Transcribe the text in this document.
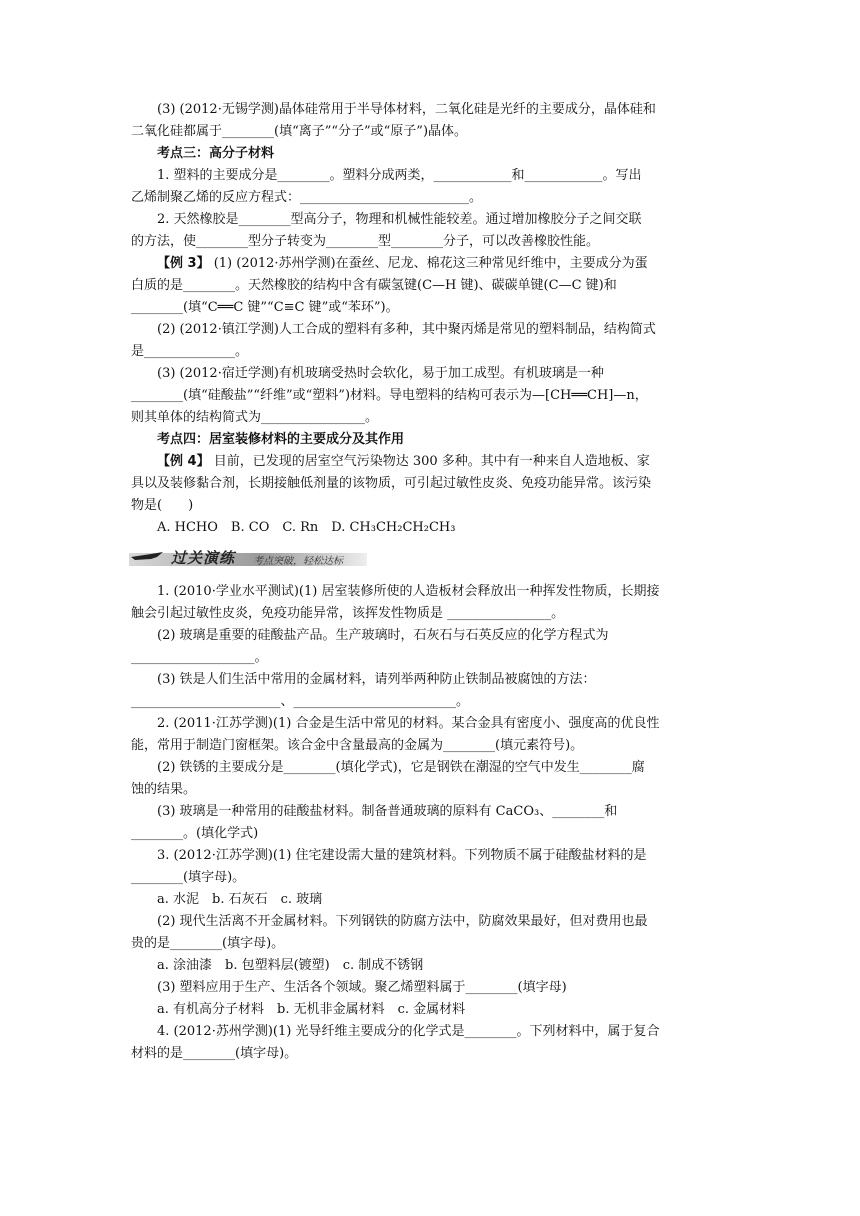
(3) (2012·无锡学测)晶体硅常用于半导体材料，二氧化硅是光纤的主要成分，晶体硅和

二氧化硅都属于________(填“离子”“分子”或“原子”)晶体。

考点三：高分子材料

1. 塑料的主要成分是________。塑料分成两类，____________和____________。写出

乙烯制聚乙烯的反应方程式：__________________________。

2. 天然橡胶是________型高分子，物理和机械性能较差。通过增加橡胶分子之间交联

的方法，使________型分子转变为________型________分子，可以改善橡胶性能。

【例 3】 (1) (2012·苏州学测)在蚕丝、尼龙、棉花这三种常见纤维中，主要成分为蛋

白质的是________。天然橡胶的结构中含有碳氢键(C—H 键)、碳碳单键(C—C 键)和

________(填“C══C 键”“C≡C 键”或“苯环”)。

(2) (2012·镇江学测)人工合成的塑料有多种，其中聚丙烯是常见的塑料制品，结构简式

是______________。

(3) (2012·宿迁学测)有机玻璃受热时会软化，易于加工成型。有机玻璃是一种

________(填“硅酸盐”“纤维”或“塑料”)材料。导电塑料的结构可表示为—[CH══CH]—n，

则其单体的结构简式为________________。

考点四：居室装修材料的主要成分及其作用

【例 4】 目前，已发现的居室空气污染物达 300 多种。其中有一种来自人造地板、家

具以及装修黏合剂，长期接触低剂量的该物质，可引起过敏性皮炎、免疫功能异常。该污染

物是(　　)

A. HCHO　B. CO　C. Rn　D. CH₃CH₂CH₂CH₃

过关演练 考点突破，轻松达标

1. (2010·学业水平测试)(1) 居室装修所使的人造板材会释放出一种挥发性物质，长期接

触会引起过敏性皮炎，免疫功能异常，该挥发性物质是 ________________。

(2) 玻璃是重要的硅酸盐产品。生产玻璃时，石灰石与石英反应的化学方程式为

___________________。

(3) 铁是人们生活中常用的金属材料，请列举两种防止铁制品被腐蚀的方法：

_______________________、_________________________。

2. (2011·江苏学测)(1) 合金是生活中常见的材料。某合金具有密度小、强度高的优良性

能，常用于制造门窗框架。该合金中含量最高的金属为________(填元素符号)。

(2) 铁锈的主要成分是________(填化学式)，它是钢铁在潮湿的空气中发生________腐

蚀的结果。

(3) 玻璃是一种常用的硅酸盐材料。制备普通玻璃的原料有 CaCO₃、________和

________。(填化学式)

3. (2012·江苏学测)(1) 住宅建设需大量的建筑材料。下列物质不属于硅酸盐材料的是

________(填字母)。

a. 水泥　b. 石灰石　c. 玻璃

(2) 现代生活离不开金属材料。下列钢铁的防腐方法中，防腐效果最好，但对费用也最

贵的是________(填字母)。

a. 涂油漆　b. 包塑料层(镀塑)　c. 制成不锈钢

(3) 塑料应用于生产、生活各个领域。聚乙烯塑料属于________(填字母)

a. 有机高分子材料　b. 无机非金属材料　c. 金属材料

4. (2012·苏州学测)(1) 光导纤维主要成分的化学式是________。下列材料中，属于复合

材料的是________(填字母)。
